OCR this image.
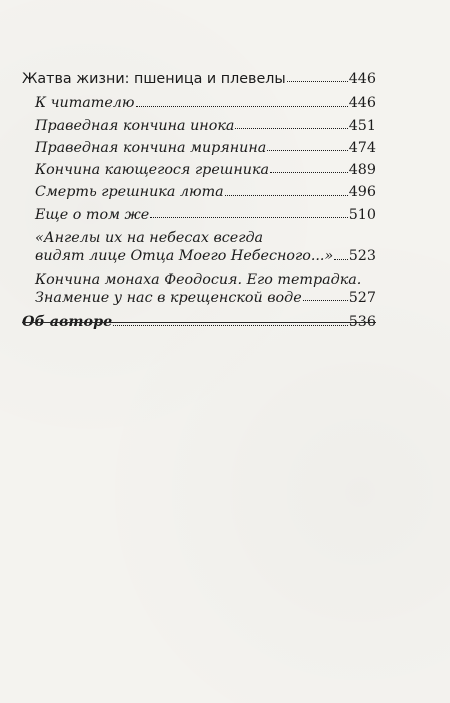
Жатва жизни: пшеница и плевелы	446
К читателю	446
Праведная кончина инока	451
Праведная кончина мирянина	474
Кончина кающегося грешника	489
Смерть грешника люта	496
Еще о том же	510
«Ангелы их на небесах всегда
видят лице Отца Моего Небесного...» 523
Кончина монаха Феодосия. Его тетрадка.
Знамение у нас в крещенской воде	527
Об авторе	536
